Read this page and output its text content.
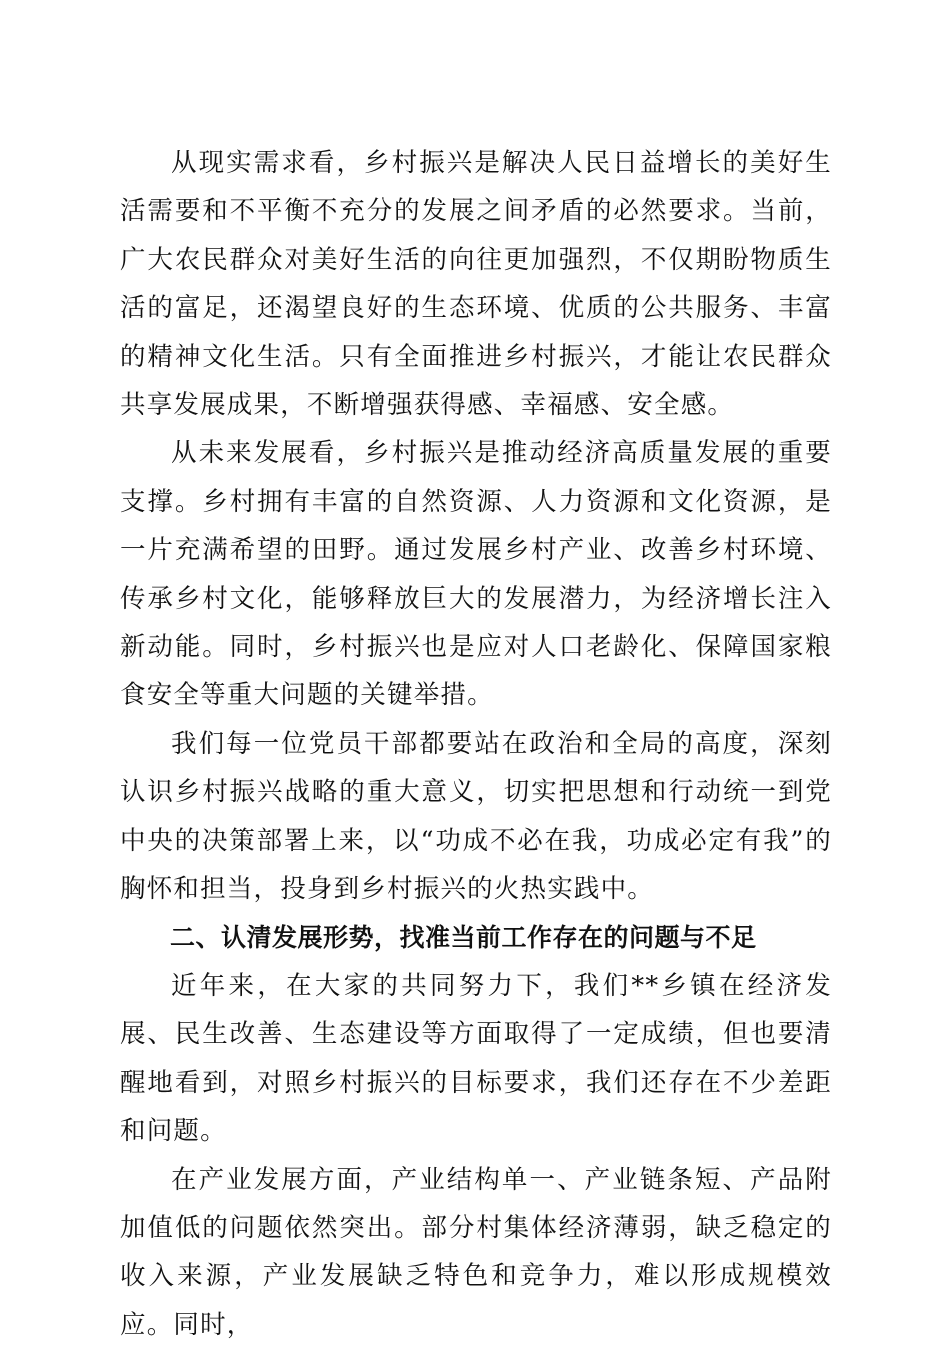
从现实需求看，乡村振兴是解决人民日益增长的美好生活需要和不平衡不充分的发展之间矛盾的必然要求。当前，广大农民群众对美好生活的向往更加强烈，不仅期盼物质生活的富足，还渴望良好的生态环境、优质的公共服务、丰富的精神文化生活。只有全面推进乡村振兴，才能让农民群众共享发展成果，不断增强获得感、幸福感、安全感。

从未来发展看，乡村振兴是推动经济高质量发展的重要支撑。乡村拥有丰富的自然资源、人力资源和文化资源，是一片充满希望的田野。通过发展乡村产业、改善乡村环境、传承乡村文化，能够释放巨大的发展潜力，为经济增长注入新动能。同时，乡村振兴也是应对人口老龄化、保障国家粮食安全等重大问题的关键举措。

我们每一位党员干部都要站在政治和全局的高度，深刻认识乡村振兴战略的重大意义，切实把思想和行动统一到党中央的决策部署上来，以“功成不必在我，功成必定有我”的胸怀和担当，投身到乡村振兴的火热实践中。

二、认清发展形势，找准当前工作存在的问题与不足

近年来，在大家的共同努力下，我们**乡镇在经济发展、民生改善、生态建设等方面取得了一定成绩，但也要清醒地看到，对照乡村振兴的目标要求，我们还存在不少差距和问题。

在产业发展方面，产业结构单一、产业链条短、产品附加值低的问题依然突出。部分村集体经济薄弱，缺乏稳定的收入来源，产业发展缺乏特色和竞争力，难以形成规模效应。同时，
